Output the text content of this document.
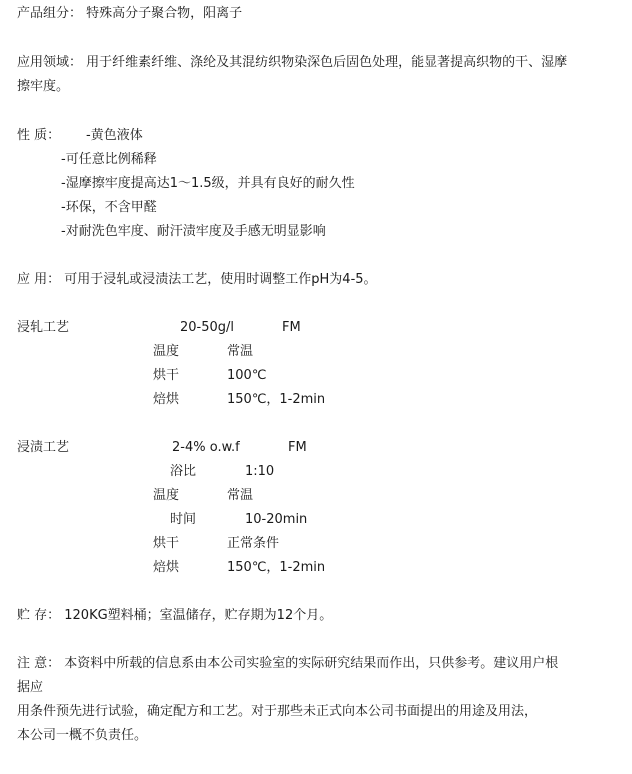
产品组分： 特殊高分子聚合物，阳离子
应用领域： 用于纤维素纤维、涤纶及其混纺织物染深色后固色处理，能显著提高织物的干、湿摩
擦牢度。
性 质： -黄色液体
-可任意比例稀释
-湿摩擦牢度提高达1～1.5级，并具有良好的耐久性
-环保，不含甲醛
-对耐洗色牢度、耐汗渍牢度及手感无明显影响
应 用： 可用于浸轧或浸渍法工艺，使用时调整工作pH为4-5。
浸轧工艺	20-50g/l	FM
温度	常温
烘干	100℃
焙烘	150℃，1-2min
浸渍工艺	2-4% o.w.f	FM
浴比	1:10
温度	常温
时间	10-20min
烘干	正常条件
焙烘	150℃，1-2min
贮 存： 120KG塑料桶；室温储存，贮存期为12个月。
注 意： 本资料中所载的信息系由本公司实验室的实际研究结果而作出，只供参考。建议用户根
据应
用条件预先进行试验，确定配方和工艺。对于那些未正式向本公司书面提出的用途及用法，
本公司一概不负责任。
